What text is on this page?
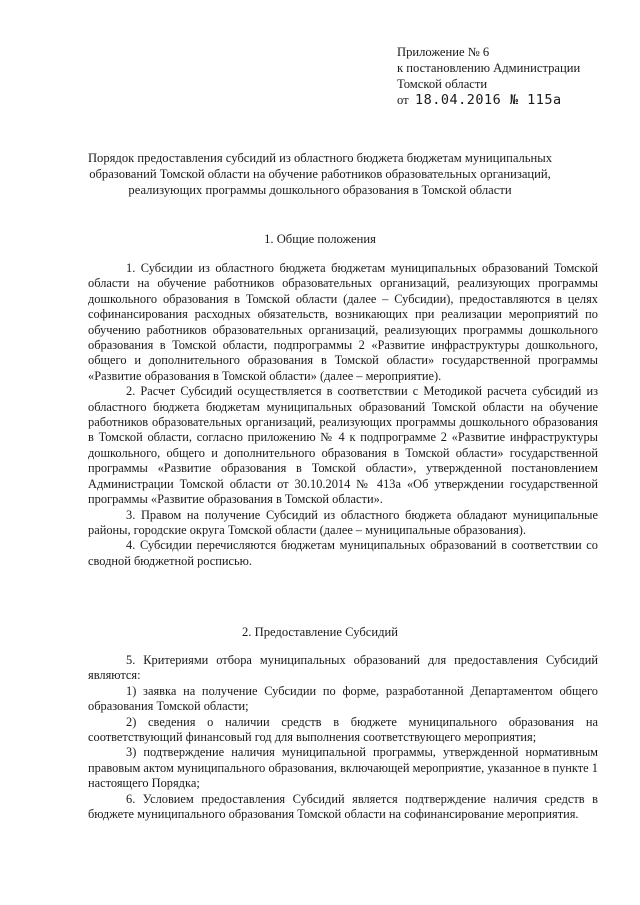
Приложение № 6
к постановлению Администрации
Томской области
от 18.04.2016 № 115а
Порядок предоставления субсидий из областного бюджета бюджетам муниципальных образований Томской области на обучение работников образовательных организаций, реализующих программы дошкольного образования в Томской области
1. Общие положения

1. Субсидии из областного бюджета бюджетам муниципальных образований Томской области на обучение работников образовательных организаций, реализующих программы дошкольного образования в Томской области (далее – Субсидии), предоставляются в целях софинансирования расходных обязательств, возникающих при реализации мероприятий по обучению работников образовательных организаций, реализующих программы дошкольного образования в Томской области, подпрограммы 2 «Развитие инфраструктуры дошкольного, общего и дополнительного образования в Томской области» государственной программы «Развитие образования в Томской области» (далее – мероприятие).

2. Расчет Субсидий осуществляется в соответствии с Методикой расчета субсидий из областного бюджета бюджетам муниципальных образований Томской области на обучение работников образовательных организаций, реализующих программы дошкольного образования в Томской области, согласно приложению № 4 к подпрограмме 2 «Развитие инфраструктуры дошкольного, общего и дополнительного образования в Томской области» государственной программы «Развитие образования в Томской области», утвержденной постановлением Администрации Томской области от 30.10.2014 № 413а «Об утверждении государственной программы «Развитие образования в Томской области».

3. Правом на получение Субсидий из областного бюджета обладают муниципальные районы, городские округа Томской области (далее – муниципальные образования).

4. Субсидии перечисляются бюджетам муниципальных образований в соответствии со сводной бюджетной росписью.

2. Предоставление Субсидий

5. Критериями отбора муниципальных образований для предоставления Субсидий являются:

1) заявка на получение Субсидии по форме, разработанной Департаментом общего образования Томской области;

2) сведения о наличии средств в бюджете муниципального образования на соответствующий финансовый год для выполнения соответствующего мероприятия;

3) подтверждение наличия муниципальной программы, утвержденной нормативным правовым актом муниципального образования, включающей мероприятие, указанное в пункте 1 настоящего Порядка;

6. Условием предоставления Субсидий является подтверждение наличия средств в бюджете муниципального образования Томской области на софинансирование мероприятия.
